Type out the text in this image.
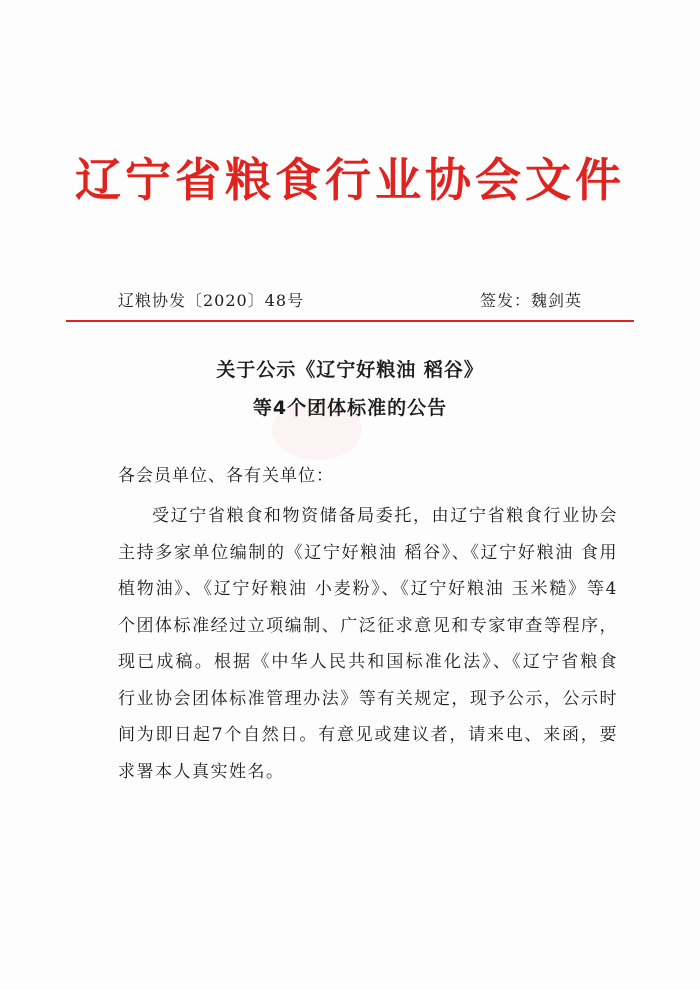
辽宁省粮食行业协会文件
辽粮协发〔2020〕48号	签发：魏剑英
关于公示《辽宁好粮油 稻谷》
等4个团体标准的公告
各会员单位、各有关单位：
受辽宁省粮食和物资储备局委托，由辽宁省粮食行业协会主持多家单位编制的《辽宁好粮油 稻谷》、《辽宁好粮油 食用植物油》、《辽宁好粮油 小麦粉》、《辽宁好粮油 玉米糙》等4个团体标准经过立项编制、广泛征求意见和专家审查等程序，现已成稿。根据《中华人民共和国标准化法》、《辽宁省粮食行业协会团体标准管理办法》等有关规定，现予公示，公示时间为即日起7个自然日。有意见或建议者，请来电、来函，要求署本人真实姓名。
